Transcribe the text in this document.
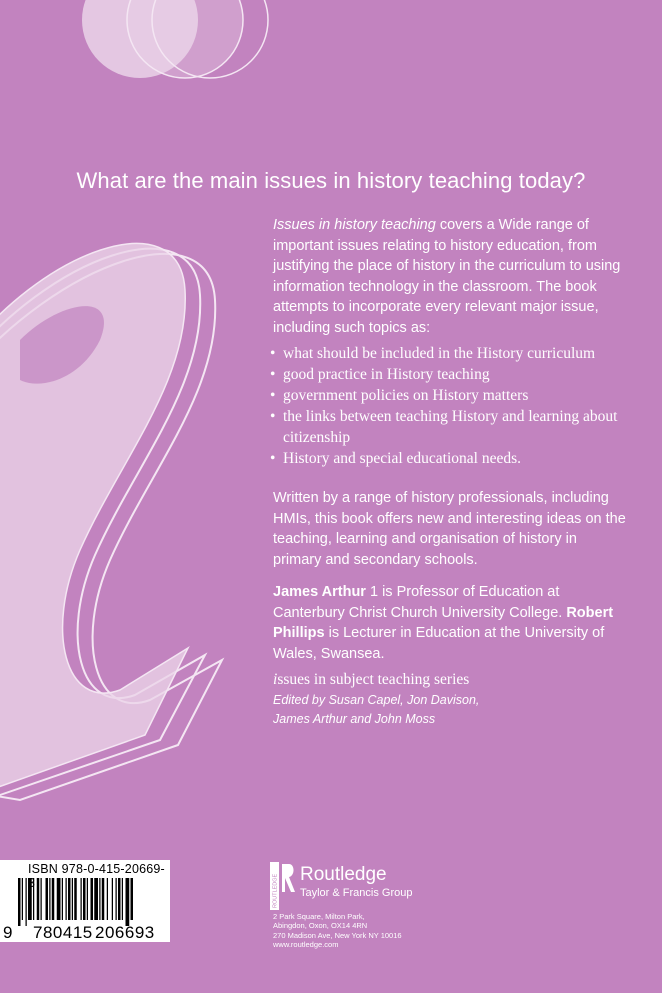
What are the main issues in history teaching today?
Issues in history teaching covers a Wide range of important issues relating to history education, from justifying the place of history in the curriculum to using information technology in the classroom. The book attempts to incorporate every relevant major issue, including such topics as:
• what should be included in the History curriculum
• good practice in History teaching
• government policies on History matters
• the links between teaching History and learning about citizenship
• History and special educational needs.
Written by a range of history professionals, including HMIs, this book offers new and interesting ideas on the teaching, learning and organisation of history in primary and secondary schools.
James Arthur 1 is Professor of Education at Canterbury Christ Church University College. Robert Phillips is Lecturer in Education at the University of Wales, Swansea.
issues in subject teaching series
Edited by Susan Capel, Jon Davison,
James Arthur and John Moss
ISBN 978-0-415-20669-
9 780415 206693
ROUTLEDGE Routledge
Taylor & Francis Group
2 Park Square, Milton Park,
Abingdon, Oxon, OX14 4RN
270 Madison Ave, New York NY 10016
www.routledge.com
